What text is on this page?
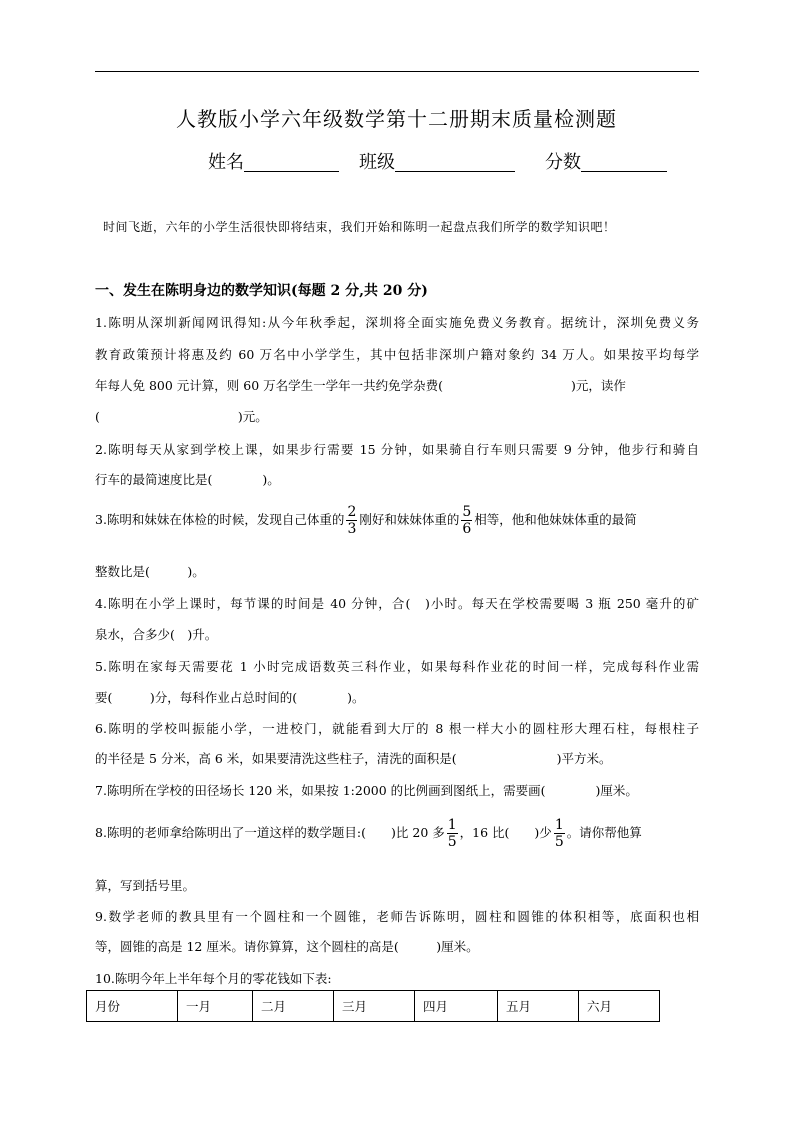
人教版小学六年级数学第十二册期末质量检测题
姓名	班级	分数
时间飞逝，六年的小学生活很快即将结束，我们开始和陈明一起盘点我们所学的数学知识吧！
一、发生在陈明身边的数学知识(每题 2 分,共 20 分)
1.陈明从深圳新闻网讯得知:从今年秋季起，深圳将全面实施免费义务教育。据统计，深圳免费义务
教育政策预计将惠及约 60 万名中小学学生，其中包括非深圳户籍对象约 34 万人。如果按平均每学
年每人免 800 元计算，则 60 万名学生一学年一共约免学杂费(	)元，读作
(	)元。
2.陈明每天从家到学校上课，如果步行需要 15 分钟，如果骑自行车则只需要 9 分钟，他步行和骑自
行车的最简速度比是(　　　　)。
3.陈明和妹妹在体检的时候，发现自己体重的 $\frac{2}{3}$ 刚好和妹妹体重的 $\frac{5}{6}$ 相等，他和他妹妹体重的最简
整数比是(　　　)。
4.陈明在小学上课时，每节课的时间是 40 分钟，合(　)小时。每天在学校需要喝 3 瓶 250 毫升的矿
泉水，合多少(　)升。
5.陈明在家每天需要花 1 小时完成语数英三科作业，如果每科作业花的时间一样，完成每科作业需
要(　　　)分，每科作业占总时间的(　　　　)。
6.陈明的学校叫振能小学，一进校门，就能看到大厅的 8 根一样大小的圆柱形大理石柱，每根柱子
的半径是 5 分米，高 6 米，如果要清洗这些柱子，清洗的面积是(　　　　　　　　)平方米。
7.陈明所在学校的田径场长 120 米，如果按 1:2000 的比例画到图纸上，需要画(　　　　)厘米。
8.陈明的老师拿给陈明出了一道这样的数学题目:(　　)比 20 多 $\frac{1}{5}$ ，16 比(　　)少 $\frac{1}{5}$ 。请你帮他算
算，写到括号里。
9.数学老师的教具里有一个圆柱和一个圆锥，老师告诉陈明，圆柱和圆锥的体积相等，底面积也相
等，圆锥的高是 12 厘米。请你算算，这个圆柱的高是(　　　)厘米。
10.陈明今年上半年每个月的零花钱如下表:
月份	一月	二月	三月	四月	五月	六月
